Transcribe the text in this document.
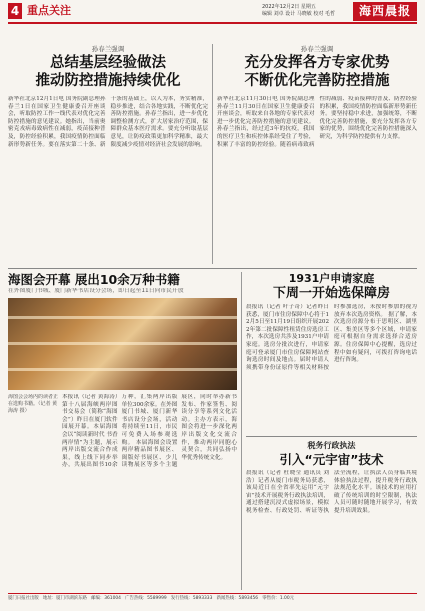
4 重点关注	2022年12月2日 星期五
编辑 刘卓 设计 马晓敏 校对 毛哲	海西晨报
孙春兰强调
总结基层经验做法
推动防控措施持续优化
新华社北京12月1日电 国务院副总理孙春兰1日在国家卫生健康委召开座谈会，听取防控工作一线代表对优化完善防控措施的意见建议。她指出，当前奥密克戎病毒致病性在减弱，疫苗接种普及，防控经验积累，我国疫情防控面临新形势新任务。要在落实第二十条、新十条的基础上，以人为本，务实精准，稳步推进，结合各地实践，不断优化完善防控措施。孙春兰指出，进一步优化调整检测方式，扩大居家治疗范围，保障群众基本医疗需求。要充分听取基层意见，让防疫政策更加科学精准，最大限度减少疫情对经济社会发展的影响。
孙春兰强调
充分发挥各方专家优势
不断优化完善防控措施
新华社北京11月30日电 国务院副总理孙春兰11月30日在国家卫生健康委召开座谈会，听取来自各地的专家代表对进一步优化完善防控措施的意见建议。孙春兰指出，经过近3年的抗疫，我国的医疗卫生和疾控体系经受住了考验，积累了丰富的防控经验。随着病毒致病性的减弱、疫苗接种的普及、防控经验的积累，我国疫情防控面临新形势新任务。要坚持稳中求进，加强统筹，不断优化完善防控措施，要充分发挥各方专家的优势，围绕优化完善防控措施深入研究，为科学防控提供有力支撑。
海图会开幕 展出10余万种书籍
在外图厦门书城、厦门新华书店设分会场，即日起至11日向市民开放
海图会会场内的读者正在选购书籍。（记者 黄海涛 摄）
本报讯（记者 黄海涛）第十八届海峡两岸图书交易会（简称“海图会”）昨日在厦门软件园展开幕。本届海图会以“阅读新时代 书香两岸情”为主题，展示两岸出版交流合作成果，线上线下同步举办，共展出图书10余万种，汇集两岸出版单位300余家。在外图厦门书城、厦门新华书店设分会场，活动将持续至11日，市民可免费入场参观选购。 本届海图会设置两岸精品图书展区、闽版好书展区、少儿读物展区等多个主题展区，同时举办新书发布、作家签售、阅读分享等系列文化活动。主办方表示，海图会将进一步深化两岸出版文化交流合作，推动两岸同胞心灵契合，共同弘扬中华优秀传统文化。
1931户申请家庭
下周一开始选保障房
晨报讯（记者 叶子奇）记者昨日获悉，厦门市住房保障中心将于12月5日至11月19日组织开展2022年第二批保障性租赁住房选房工作，本次选房共涉及1931户申请家庭。选房分批次进行，申请家庭可登录厦门市住房保障网站查询选房时间及地点。届时申请人须携带身份证原件等相关材料按时参加选房，未按时参加的视为放弃本次选房资格。 据了解，本次选房房源分布于思明区、湖里区、集美区等多个区域，申请家庭可根据自身需求选择合适房源。住房保障中心提醒，选房过程中如有疑问，可拨打咨询电话进行咨询。
税务行政执法
引入“元宇宙”技术
晨报讯（记者 杜晓莹 通讯员 刘浩）记者从厦门市税务局获悉，该局近日在全省率先运用“元宇宙”技术开展税务行政执法培训，通过搭建沉浸式虚拟场景，模拟税务检查、行政处罚、听证等执法全流程，让执法人员身临其境体验执法过程，提升税务行政执法规范化水平。该技术的应用打破了传统培训的时空限制，执法人员可随时随地开展学习，有效提升培训效果。
厦门日报社出版 地址：厦门市湖滨东路 邮编：361004 广告热线：5589999 发行热线：5893333 新闻热线：5893456 零售价：1.00元
